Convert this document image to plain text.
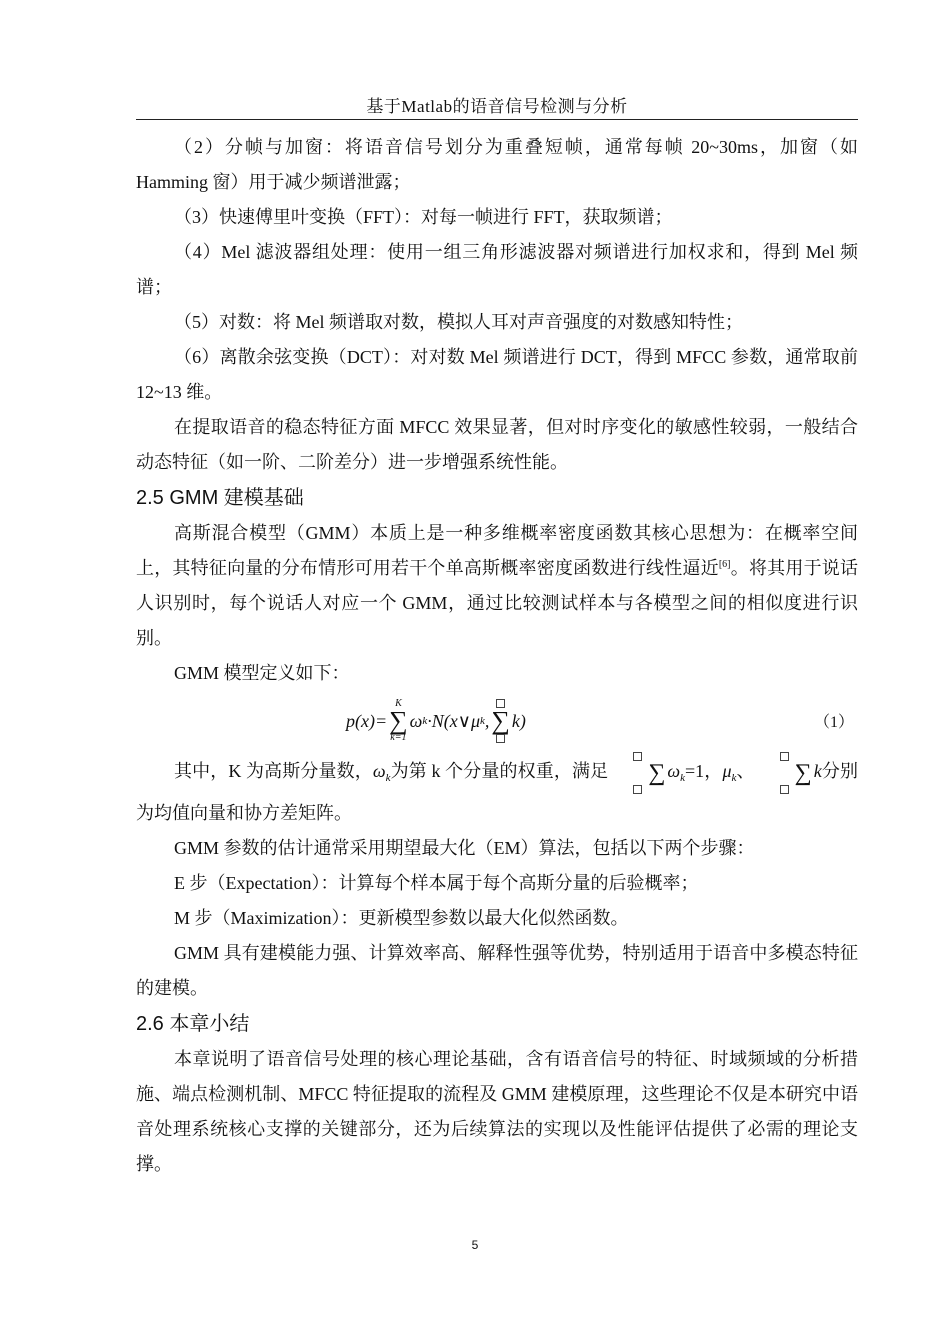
基于Matlab的语音信号检测与分析

（2）分帧与加窗：将语音信号划分为重叠短帧，通常每帧 20~30ms，加窗（如 Hamming 窗）用于减少频谱泄露；

（3）快速傅里叶变换（FFT）：对每一帧进行 FFT，获取频谱；

（4）Mel 滤波器组处理：使用一组三角形滤波器对频谱进行加权求和，得到 Mel 频谱；

（5）对数：将 Mel 频谱取对数，模拟人耳对声音强度的对数感知特性；

（6）离散余弦变换（DCT）：对对数 Mel 频谱进行 DCT，得到 MFCC 参数，通常取前 12~13 维。

在提取语音的稳态特征方面 MFCC 效果显著，但对时序变化的敏感性较弱，一般结合动态特征（如一阶、二阶差分）进一步增强系统性能。

2.5 GMM 建模基础

高斯混合模型（GMM）本质上是一种多维概率密度函数其核心思想为：在概率空间上，其特征向量的分布情形可用若干个单高斯概率密度函数进行线性逼近[6]。将其用于说话人识别时，每个说话人对应一个 GMM，通过比较测试样本与各模型之间的相似度进行识别。

GMM 模型定义如下：

p(x)=
K
∑
k=1
ω k ·N(x∨μ k , ∑ k)	（1）

其中，K 为高斯分量数，$\omega_k$为第 k 个分量的权重，满足	∑ $\omega_k=1$，$\mu_k$、	∑ k分别为均值向量和协方差矩阵。

GMM 参数的估计通常采用期望最大化（EM）算法，包括以下两个步骤：

E 步（Expectation）：计算每个样本属于每个高斯分量的后验概率；

M 步（Maximization）：更新模型参数以最大化似然函数。

GMM 具有建模能力强、计算效率高、解释性强等优势，特别适用于语音中多模态特征的建模。

2.6 本章小结

本章说明了语音信号处理的核心理论基础，含有语音信号的特征、时域频域的分析措施、端点检测机制、MFCC 特征提取的流程及 GMM 建模原理，这些理论不仅是本研究中语音处理系统核心支撑的关键部分，还为后续算法的实现以及性能评估提供了必需的理论支撑。

5
